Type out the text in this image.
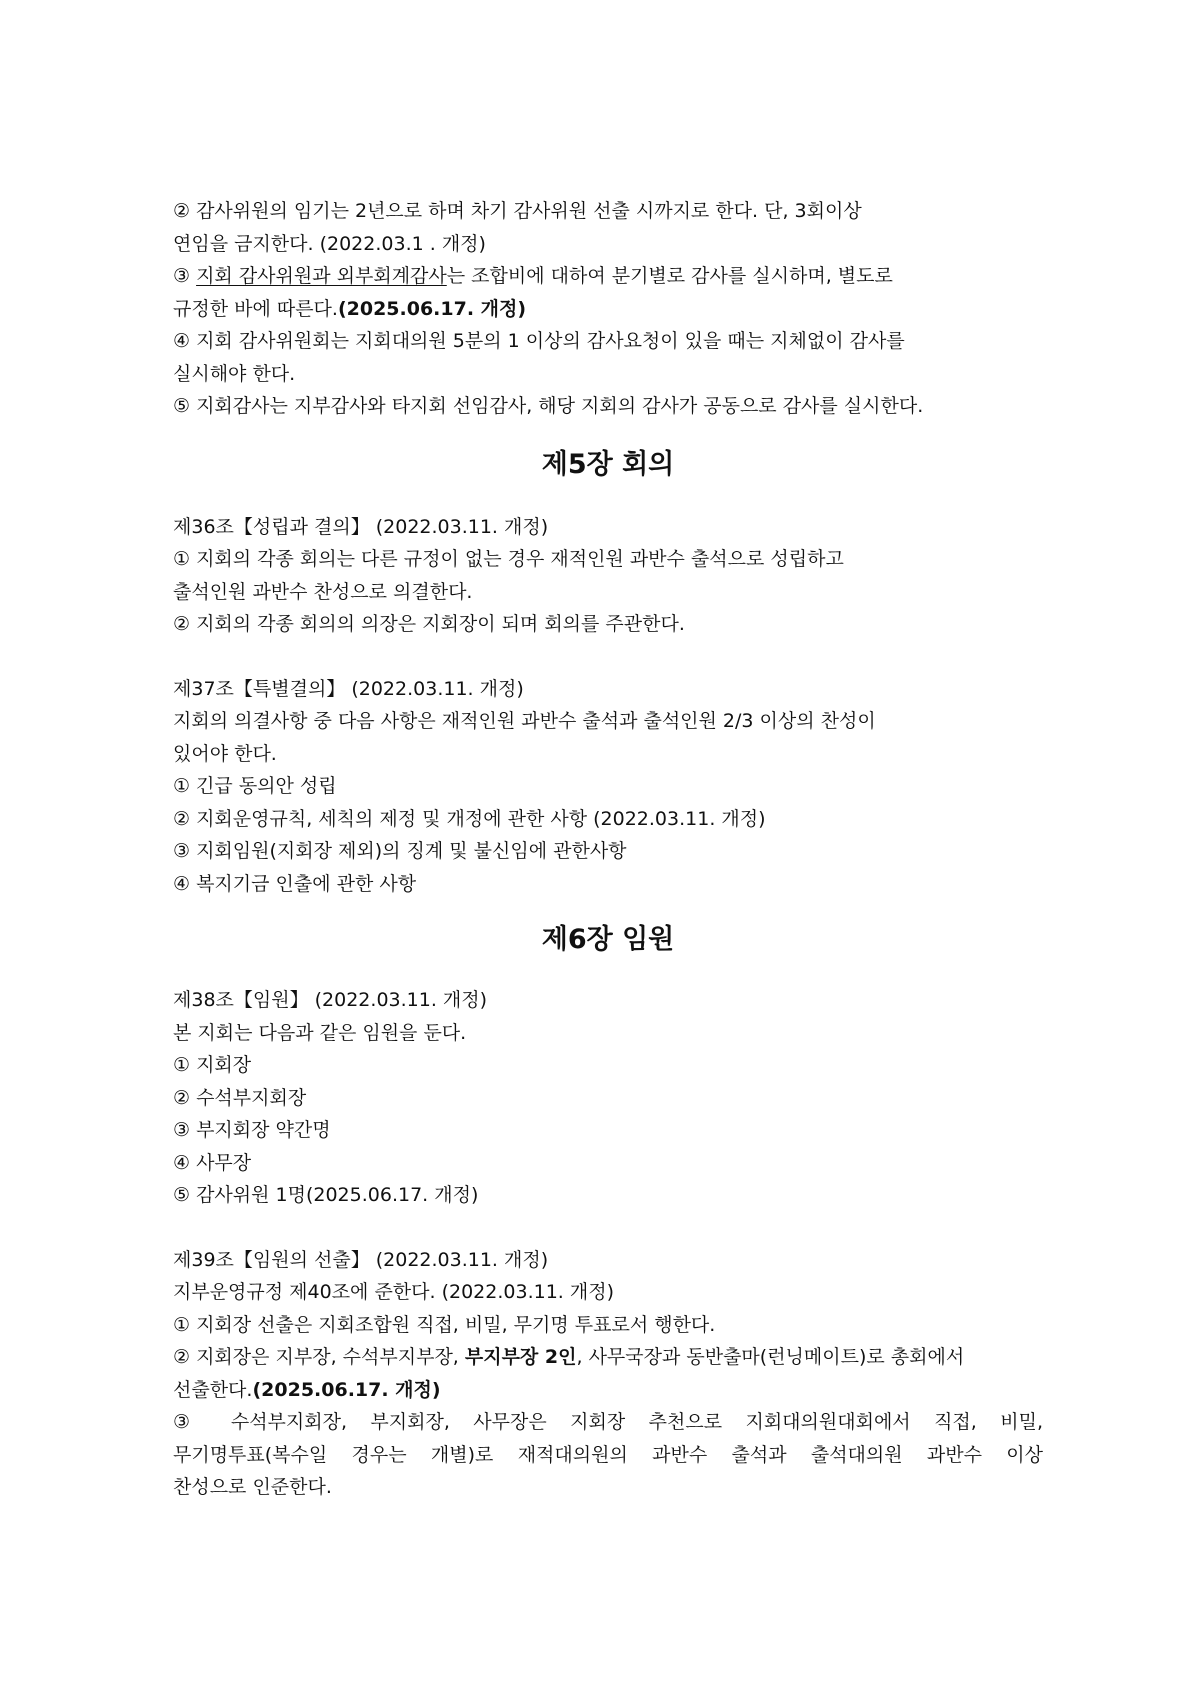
② 감사위원의 임기는 2년으로 하며 차기 감사위원 선출 시까지로 한다. 단, 3회이상

연임을 금지한다. (2022.03.1 . 개정)

③ 지회 감사위원과 외부회계감사는 조합비에 대하여 분기별로 감사를 실시하며, 별도로

규정한 바에 따른다.(2025.06.17. 개정)

④ 지회 감사위원회는 지회대의원 5분의 1 이상의 감사요청이 있을 때는 지체없이 감사를

실시해야 한다.

⑤ 지회감사는 지부감사와 타지회 선임감사, 해당 지회의 감사가 공동으로 감사를 실시한다.

제5장 회의

제36조【성립과 결의】 (2022.03.11. 개정)

① 지회의 각종 회의는 다른 규정이 없는 경우 재적인원 과반수 출석으로 성립하고

출석인원 과반수 찬성으로 의결한다.

② 지회의 각종 회의의 의장은 지회장이 되며 회의를 주관한다.

제37조【특별결의】 (2022.03.11. 개정)

지회의 의결사항 중 다음 사항은 재적인원 과반수 출석과 출석인원 2/3 이상의 찬성이

있어야 한다.

① 긴급 동의안 성립

② 지회운영규칙, 세칙의 제정 및 개정에 관한 사항 (2022.03.11. 개정)

③ 지회임원(지회장 제외)의 징계 및 불신임에 관한사항

④ 복지기금 인출에 관한 사항

제6장 임원

제38조【임원】 (2022.03.11. 개정)

본 지회는 다음과 같은 임원을 둔다.

① 지회장

② 수석부지회장

③ 부지회장 약간명

④ 사무장

⑤ 감사위원 1명(2025.06.17. 개정)

제39조【임원의 선출】 (2022.03.11. 개정)

지부운영규정 제40조에 준한다. (2022.03.11. 개정)

① 지회장 선출은 지회조합원 직접, 비밀, 무기명 투표로서 행한다.

② 지회장은 지부장, 수석부지부장, 부지부장 2인, 사무국장과 동반출마(런닝메이트)로 총회에서

선출한다.(2025.06.17. 개정)

③ 수석부지회장, 부지회장, 사무장은 지회장 추천으로 지회대의원대회에서 직접, 비밀,

무기명투표(복수일 경우는 개별)로 재적대의원의 과반수 출석과 출석대의원 과반수 이상

찬성으로 인준한다.
